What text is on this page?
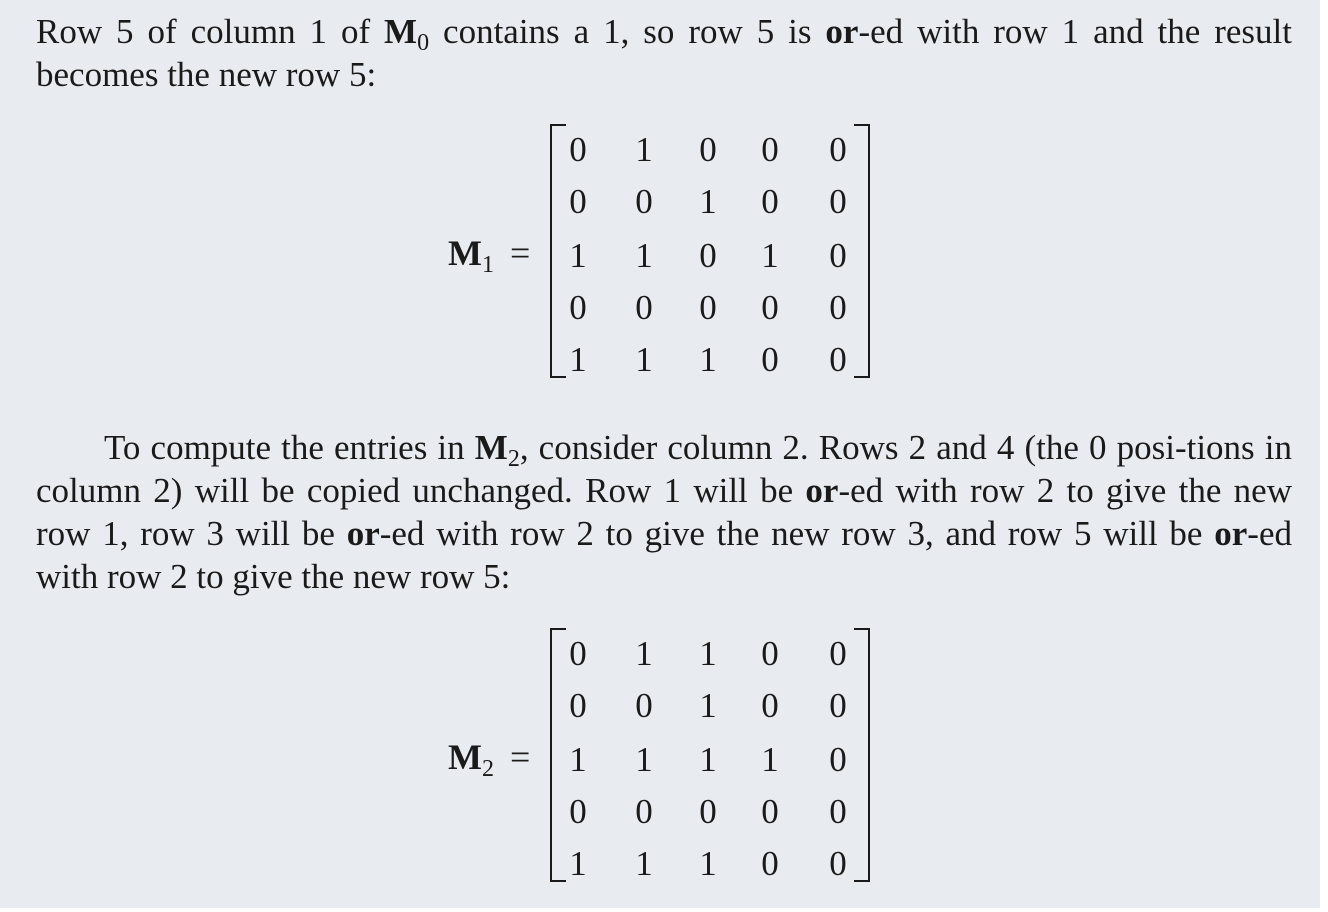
Row 5 of column 1 of $M_0$ contains a 1, so row 5 is or-ed with row 1 and the result becomes the new row 5:
$M_1$ =
0	1	0	0	0
0	0	1	0	0
1	1	0	1	0
0	0	0	0	0
1	1	1	0	0
To compute the entries in $M_2$, consider column 2. Rows 2 and 4 (the 0 posi-tions in column 2) will be copied unchanged. Row 1 will be or-ed with row 2 to give the new row 1, row 3 will be or-ed with row 2 to give the new row 3, and row 5 will be or-ed with row 2 to give the new row 5:
$M_2$ =
0	1	1	0	0
0	0	1	0	0
1	1	1	1	0
0	0	0	0	0
1	1	1	0	0
